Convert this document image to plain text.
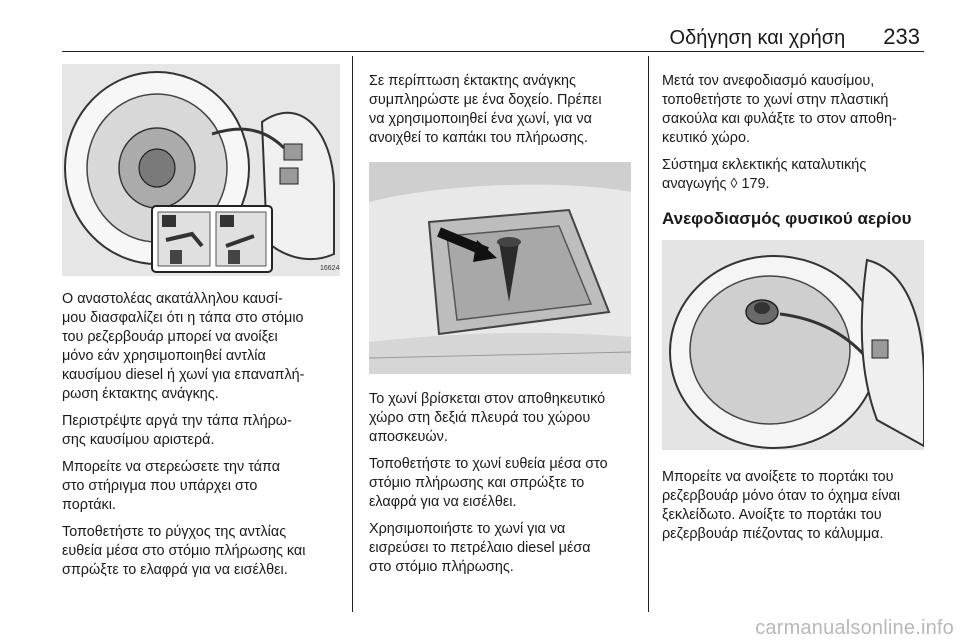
Οδήγηση και χρήση 233
16624

Ο αναστολέας ακατάλληλου καυσί-
μου διασφαλίζει ότι η τάπα στο στόμιο
του ρεζερβουάρ μπορεί να ανοίξει
μόνο εάν χρησιμοποιηθεί αντλία
καυσίμου diesel ή χωνί για επαναπλή-
ρωση έκτακτης ανάγκης.

Περιστρέψτε αργά την τάπα πλήρω-
σης καυσίμου αριστερά.

Μπορείτε να στερεώσετε την τάπα
στο στήριγμα που υπάρχει στο
πορτάκι.

Τοποθετήστε το ρύγχος της αντλίας
ευθεία μέσα στο στόμιο πλήρωσης και
σπρώξτε το ελαφρά για να εισέλθει.

Σε περίπτωση έκτακτης ανάγκης
συμπληρώστε με ένα δοχείο. Πρέπει
να χρησιμοποιηθεί ένα χωνί, για να
ανοιχθεί το καπάκι του πλήρωσης.

Το χωνί βρίσκεται στον αποθηκευτικό
χώρο στη δεξιά πλευρά του χώρου
αποσκευών.

Τοποθετήστε το χωνί ευθεία μέσα στο
στόμιο πλήρωσης και σπρώξτε το
ελαφρά για να εισέλθει.

Χρησιμοποιήστε το χωνί για να
εισρεύσει το πετρέλαιο diesel μέσα
στο στόμιο πλήρωσης.

Μετά τον ανεφοδιασμό καυσίμου,
τοποθετήστε το χωνί στην πλαστική
σακούλα και φυλάξτε το στον αποθη-
κευτικό χώρο.

Σύστημα εκλεκτικής καταλυτικής
αναγωγής ◊ 179.

Ανεφοδιασμός φυσικού αερίου

Μπορείτε να ανοίξετε το πορτάκι του
ρεζερβουάρ μόνο όταν το όχημα είναι
ξεκλείδωτο. Ανοίξτε το πορτάκι του
ρεζερβουάρ πιέζοντας το κάλυμμα.

carmanualsonline.info
